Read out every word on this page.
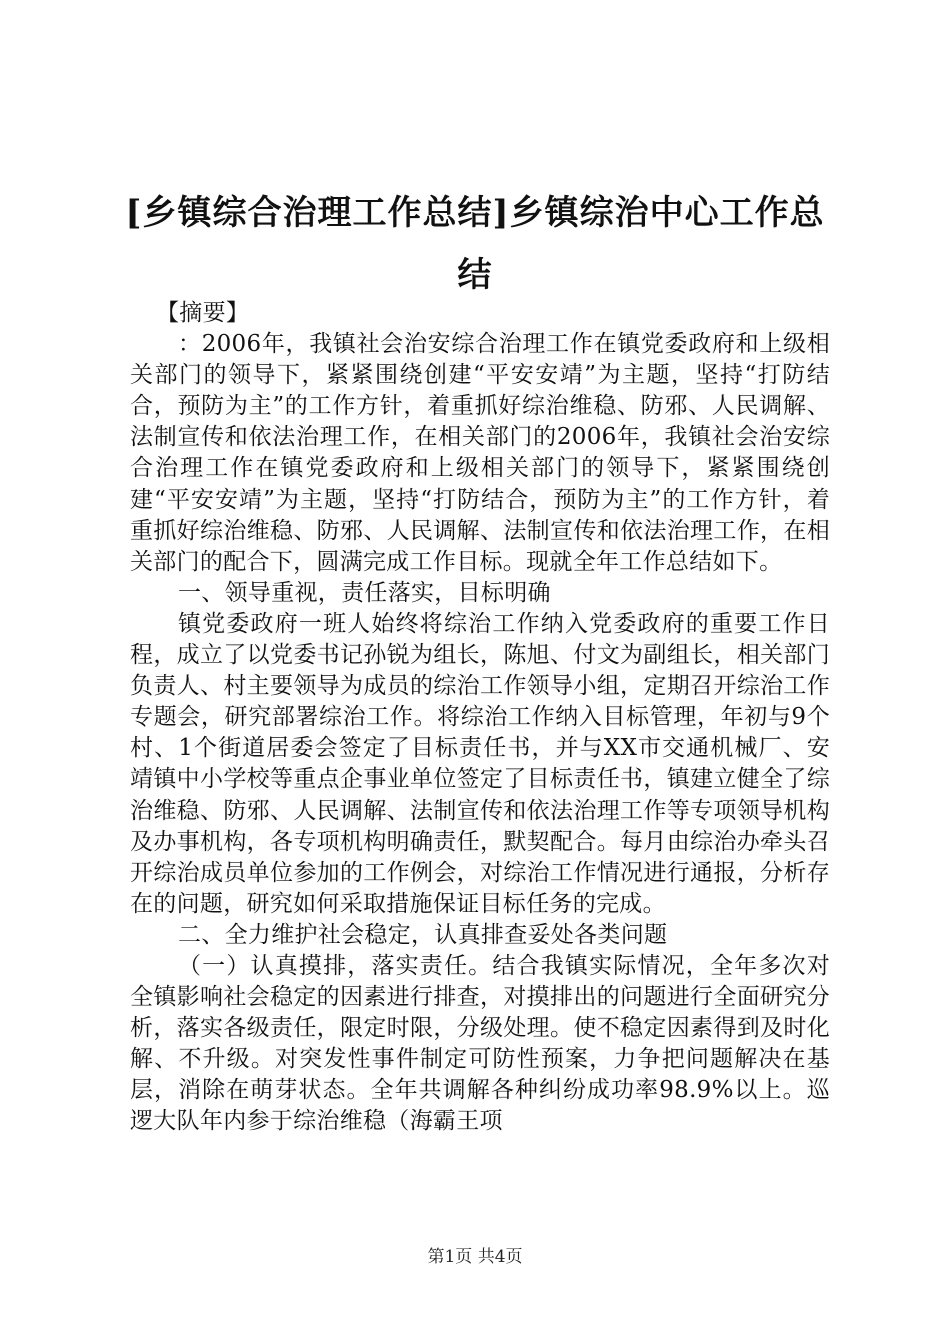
[乡镇综合治理工作总结]乡镇综治中心工作总结

【摘要】

：2006年，我镇社会治安综合治理工作在镇党委政府和上级相关部门的领导下，紧紧围绕创建“平安安靖”为主题，坚持“打防结合，预防为主”的工作方针，着重抓好综治维稳、防邪、人民调解、法制宣传和依法治理工作，在相关部门的2006年，我镇社会治安综合治理工作在镇党委政府和上级相关部门的领导下，紧紧围绕创建“平安安靖”为主题，坚持“打防结合，预防为主”的工作方针，着重抓好综治维稳、防邪、人民调解、法制宣传和依法治理工作，在相关部门的配合下，圆满完成工作目标。现就全年工作总结如下。

一、领导重视，责任落实，目标明确

镇党委政府一班人始终将综治工作纳入党委政府的重要工作日程，成立了以党委书记孙锐为组长，陈旭、付文为副组长，相关部门负责人、村主要领导为成员的综治工作领导小组，定期召开综治工作专题会，研究部署综治工作。将综治工作纳入目标管理，年初与9个村、1个街道居委会签定了目标责任书，并与XX市交通机械厂、安靖镇中小学校等重点企事业单位签定了目标责任书，镇建立健全了综治维稳、防邪、人民调解、法制宣传和依法治理工作等专项领导机构及办事机构，各专项机构明确责任，默契配合。每月由综治办牵头召开综治成员单位参加的工作例会，对综治工作情况进行通报，分析存在的问题，研究如何采取措施保证目标任务的完成。

二、全力维护社会稳定，认真排查妥处各类问题

（一）认真摸排，落实责任。结合我镇实际情况，全年多次对全镇影响社会稳定的因素进行排查，对摸排出的问题进行全面研究分析，落实各级责任，限定时限，分级处理。使不稳定因素得到及时化解、不升级。对突发性事件制定可防性预案，力争把问题解决在基层，消除在萌芽状态。全年共调解各种纠纷成功率98.9%以上。巡逻大队年内参于综治维稳（海霸王项

第1页 共4页
